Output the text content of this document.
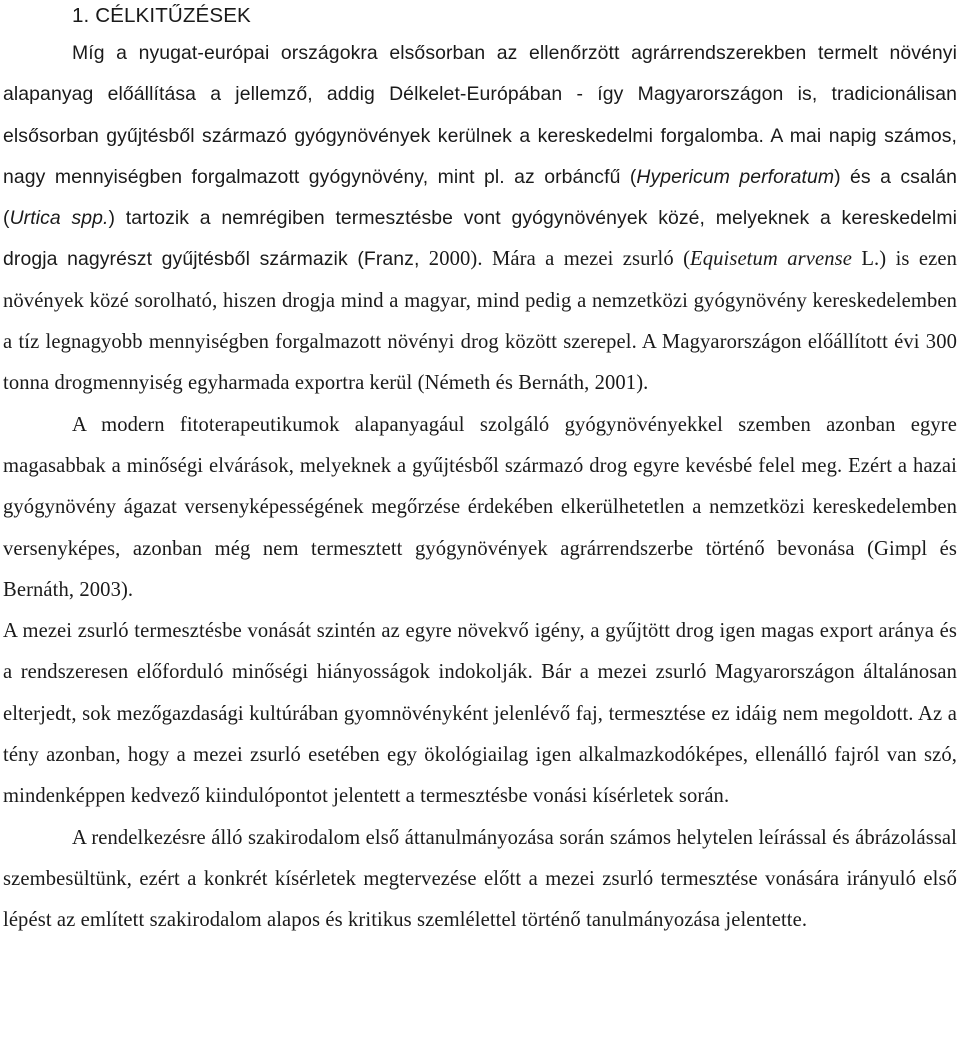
1. CÉLKITŰZÉSEK

Míg a nyugat-európai országokra elsősorban az ellenőrzött agrárrendszerekben termelt növényi alapanyag előállítása a jellemző, addig Délkelet-Európában - így Magyarországon is, tradicionálisan elsősorban gyűjtésből származó gyógynövények kerülnek a kereskedelmi forgalomba. A mai napig számos, nagy mennyiségben forgalmazott gyógynövény, mint pl. az orbáncfű (Hypericum perforatum) és a csalán (Urtica spp.) tartozik a nemrégiben termesztésbe vont gyógynövények közé, melyeknek a kereskedelmi drogja nagyrészt gyűjtésből származik (Franz, 2000). Mára a mezei zsurló (Equisetum arvense L.) is ezen növények közé sorolható, hiszen drogja mind a magyar, mind pedig a nemzetközi gyógynövény kereskedelemben a tíz legnagyobb mennyiségben forgalmazott növényi drog között szerepel. A Magyarországon előállított évi 300 tonna drogmennyiség egyharmada exportra kerül (Németh és Bernáth, 2001).

A modern fitoterapeutikumok alapanyagául szolgáló gyógynövényekkel szemben azonban egyre magasabbak a minőségi elvárások, melyeknek a gyűjtésből származó drog egyre kevésbé felel meg. Ezért a hazai gyógynövény ágazat versenyképességének megőrzése érdekében elkerülhetetlen a nemzetközi kereskedelemben versenyképes, azonban még nem termesztett gyógynövények agrárrendszerbe történő bevonása (Gimpl és Bernáth, 2003).

A mezei zsurló termesztésbe vonását szintén az egyre növekvő igény, a gyűjtött drog igen magas export aránya és a rendszeresen előforduló minőségi hiányosságok indokolják. Bár a mezei zsurló Magyarországon általánosan elterjedt, sok mezőgazdasági kultúrában gyomnövényként jelenlévő faj, termesztése ez idáig nem megoldott. Az a tény azonban, hogy a mezei zsurló esetében egy ökológiailag igen alkalmazkodóképes, ellenálló fajról van szó, mindenképpen kedvező kiindulópontot jelentett a termesztésbe vonási kísérletek során.

A rendelkezésre álló szakirodalom első áttanulmányozása során számos helytelen leírással és ábrázolással szembesültünk, ezért a konkrét kísérletek megtervezése előtt a mezei zsurló termesztése vonására irányuló első lépést az említett szakirodalom alapos és kritikus szemlélettel történő tanulmányozása jelentette.
